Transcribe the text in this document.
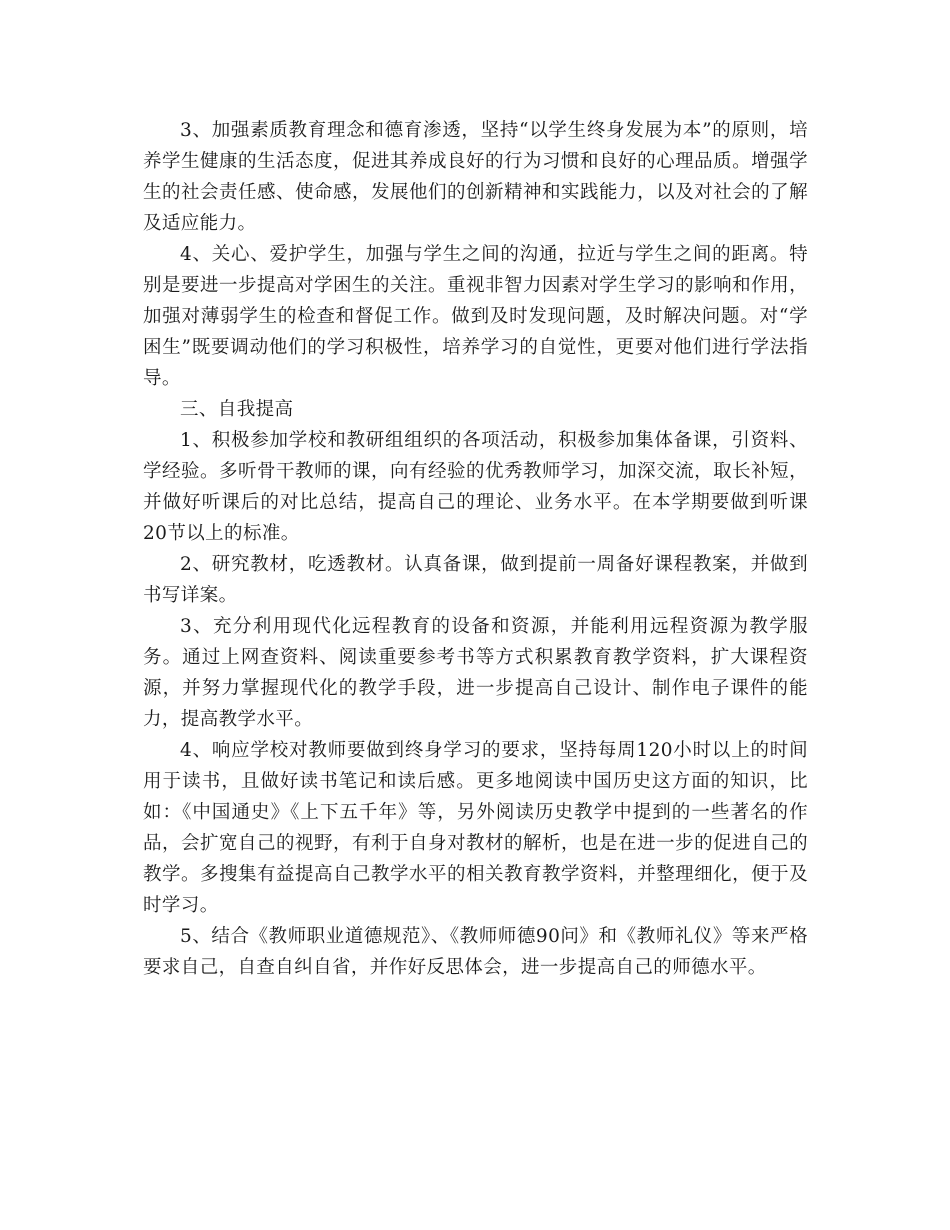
3、加强素质教育理念和德育渗透，坚持“以学生终身发展为本”的原则，培养学生健康的生活态度，促进其养成良好的行为习惯和良好的心理品质。增强学生的社会责任感、使命感，发展他们的创新精神和实践能力，以及对社会的了解及适应能力。

4、关心、爱护学生，加强与学生之间的沟通，拉近与学生之间的距离。特别是要进一步提高对学困生的关注。重视非智力因素对学生学习的影响和作用，加强对薄弱学生的检查和督促工作。做到及时发现问题，及时解决问题。对“学困生”既要调动他们的学习积极性，培养学习的自觉性，更要对他们进行学法指导。

三、自我提高

1、积极参加学校和教研组组织的各项活动，积极参加集体备课，引资料、学经验。多听骨干教师的课，向有经验的优秀教师学习，加深交流，取长补短，并做好听课后的对比总结，提高自己的理论、业务水平。在本学期要做到听课20节以上的标准。

2、研究教材，吃透教材。认真备课，做到提前一周备好课程教案，并做到书写详案。

3、充分利用现代化远程教育的设备和资源，并能利用远程资源为教学服务。通过上网查资料、阅读重要参考书等方式积累教育教学资料，扩大课程资源，并努力掌握现代化的教学手段，进一步提高自己设计、制作电子课件的能力，提高教学水平。

4、响应学校对教师要做到终身学习的要求，坚持每周120小时以上的时间用于读书，且做好读书笔记和读后感。更多地阅读中国历史这方面的知识，比如：《中国通史》《上下五千年》等，另外阅读历史教学中提到的一些著名的作品，会扩宽自己的视野，有利于自身对教材的解析，也是在进一步的促进自己的教学。多搜集有益提高自己教学水平的相关教育教学资料，并整理细化，便于及时学习。

5、结合《教师职业道德规范》、《教师师德90问》和《教师礼仪》等来严格要求自己，自查自纠自省，并作好反思体会，进一步提高自己的师德水平。
